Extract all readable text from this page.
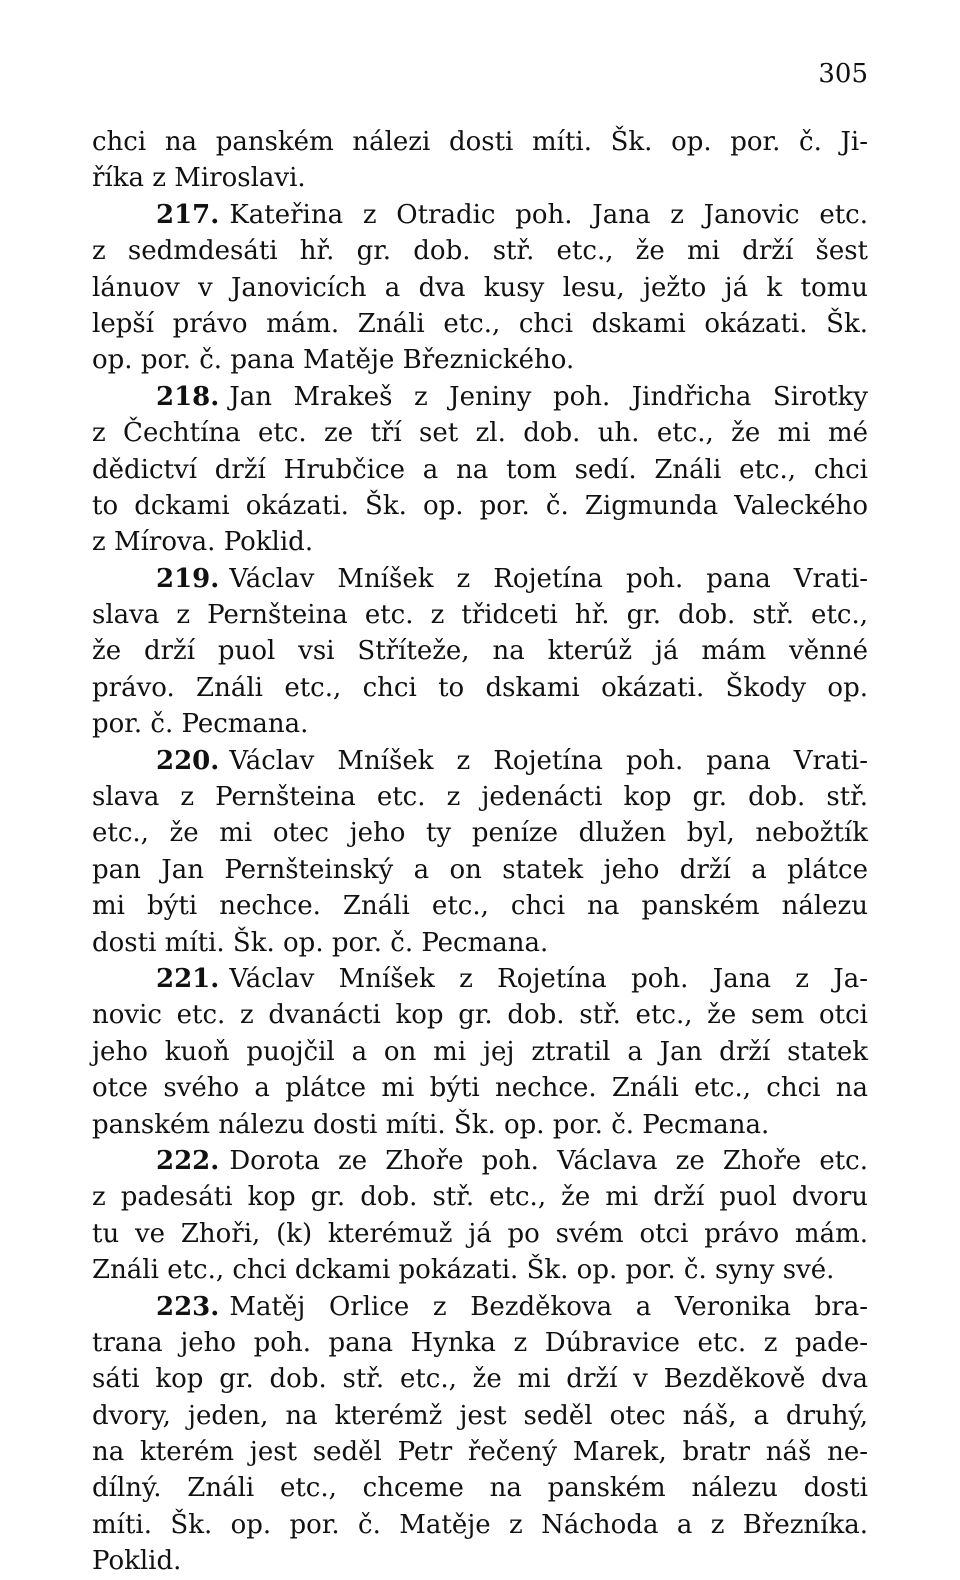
305
chci na panském nálezi dosti míti. Šk. op. por. č. Ji-
říka z Miroslavi.
217. Kateřina z Otradic poh. Jana z Janovic etc.
z sedmdesáti hř. gr. dob. stř. etc., že mi drží šest
lánuov v Janovicích a dva kusy lesu, ježto já k tomu
lepší právo mám. Ználi etc., chci dskami okázati. Šk.
op. por. č. pana Matěje Březnického.
218. Jan Mrakeš z Jeniny poh. Jindřicha Sirotky
z Čechtína etc. ze tří set zl. dob. uh. etc., že mi mé
dědictví drží Hrubčice a na tom sedí. Ználi etc., chci
to dckami okázati. Šk. op. por. č. Zigmunda Valeckého
z Mírova. Poklid.
219. Václav Mníšek z Rojetína poh. pana Vrati-
slava z Pernšteina etc. z třidceti hř. gr. dob. stř. etc.,
že drží puol vsi Stříteže, na kterúž já mám věnné
právo. Ználi etc., chci to dskami okázati. Škody op.
por. č. Pecmana.
220. Václav Mníšek z Rojetína poh. pana Vrati-
slava z Pernšteina etc. z jedenácti kop gr. dob. stř.
etc., že mi otec jeho ty peníze dlužen byl, nebožtík
pan Jan Pernšteinský a on statek jeho drží a plátce
mi býti nechce. Ználi etc., chci na panském nálezu
dosti míti. Šk. op. por. č. Pecmana.
221. Václav Mníšek z Rojetína poh. Jana z Ja-
novic etc. z dvanácti kop gr. dob. stř. etc., že sem otci
jeho kuoň puojčil a on mi jej ztratil a Jan drží statek
otce svého a plátce mi býti nechce. Ználi etc., chci na
panském nálezu dosti míti. Šk. op. por. č. Pecmana.
222. Dorota ze Zhoře poh. Václava ze Zhoře etc.
z padesáti kop gr. dob. stř. etc., že mi drží puol dvoru
tu ve Zhoři, (k) kterémuž já po svém otci právo mám.
Ználi etc., chci dckami pokázati. Šk. op. por. č. syny své.
223. Matěj Orlice z Bezděkova a Veronika bra-
trana jeho poh. pana Hynka z Dúbravice etc. z pade-
sáti kop gr. dob. stř. etc., že mi drží v Bezděkově dva
dvory, jeden, na kterémž jest seděl otec náš, a druhý,
na kterém jest seděl Petr řečený Marek, bratr náš ne-
dílný. Ználi etc., chceme na panském nálezu dosti
míti. Šk. op. por. č. Matěje z Náchoda a z Březníka.
Poklid.
